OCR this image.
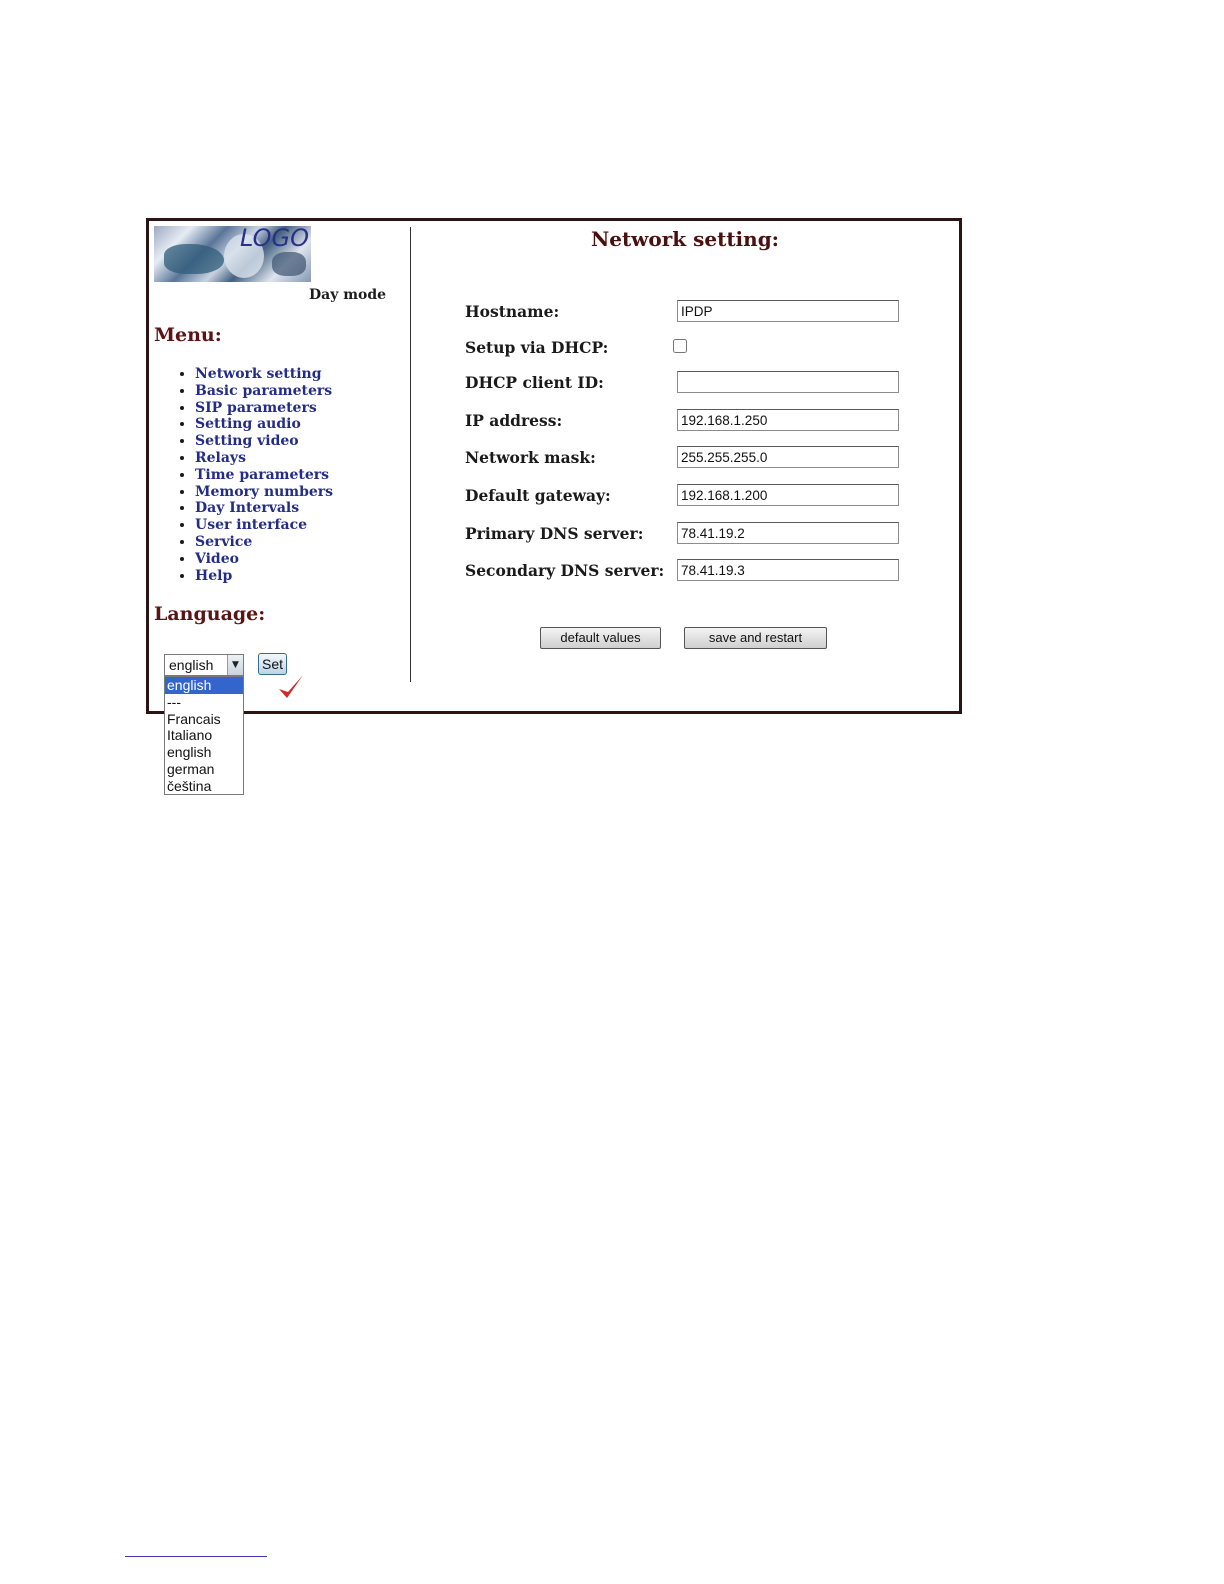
LOGO
Day mode
Menu:
• Network setting
• Basic parameters
• SIP parameters
• Setting audio
• Setting video
• Relays
• Time parameters
• Memory numbers
• Day Intervals
• User interface
• Service
• Video
• Help
Language:
Network setting:
Hostname:
IPDP
Setup via DHCP:
DHCP client ID:
IP address:
192.168.1.250
Network mask:
255.255.255.0
Default gateway:
192.168.1.200
Primary DNS server:
78.41.19.2
Secondary DNS server:
78.41.19.3
default values	save and restart
english	▼ Set
english
---
Francais
Italiano
english
german
čeština
